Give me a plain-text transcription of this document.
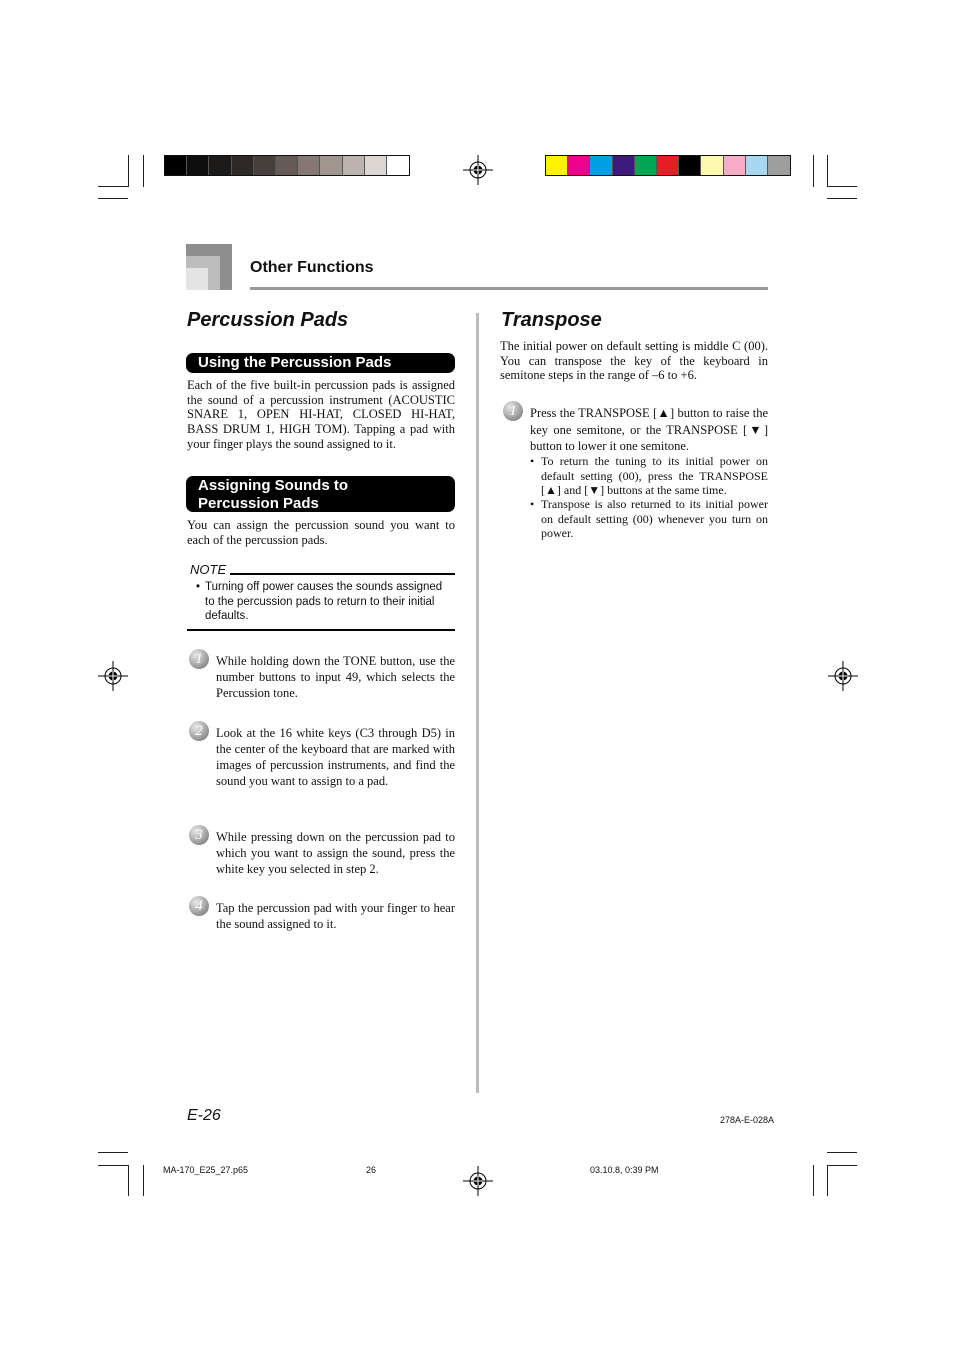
Other Functions
Percussion Pads
Using the Percussion Pads
Each of the five built-in percussion pads is assigned the sound of a percussion instrument (ACOUSTIC SNARE 1, OPEN HI-HAT, CLOSED HI-HAT, BASS DRUM 1, HIGH TOM). Tapping a pad with your finger plays the sound assigned to it.
Assigning Sounds to
Percussion Pads
You can assign the percussion sound you want to each of the percussion pads.
NOTE
• Turning off power causes the sounds assigned to the percussion pads to return to their initial defaults.
1	While holding down the TONE button, use the number buttons to input 49, which selects the Percussion tone.
2	Look at the 16 white keys (C3 through D5) in the center of the keyboard that are marked with images of percussion instruments, and find the sound you want to assign to a pad.
3	While pressing down on the percussion pad to which you want to assign the sound, press the white key you selected in step 2.
4	Tap the percussion pad with your finger to hear the sound assigned to it.
Transpose
The initial power on default setting is middle C (00). You can transpose the key of the keyboard in semitone steps in the range of –6 to +6.
1	Press the TRANSPOSE [▲] button to raise the key one semitone, or the TRANSPOSE [▼] button to lower it one semitone.
• To return the tuning to its initial power on default setting (00), press the TRANSPOSE [▲] and [▼] buttons at the same time.
• Transpose is also returned to its initial power on default setting (00) whenever you turn on power.
E-26	278A-E-028A
MA-170_E25_27.p65	26	03.10.8, 0:39 PM
